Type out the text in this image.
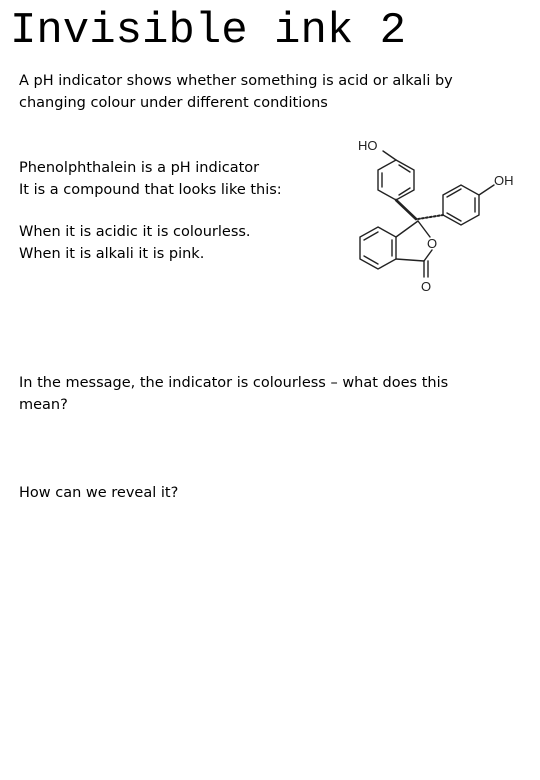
Invisible ink 2
A pH indicator shows whether something is acid or alkali by changing colour under different conditions
Phenolphthalein is a pH indicator
It is a compound that looks like this:
When it is acidic it is colourless.
When it is alkali it is pink.
In the message, the indicator is colourless – what does this mean?
How can we reveal it?
HO
OH
O
O
